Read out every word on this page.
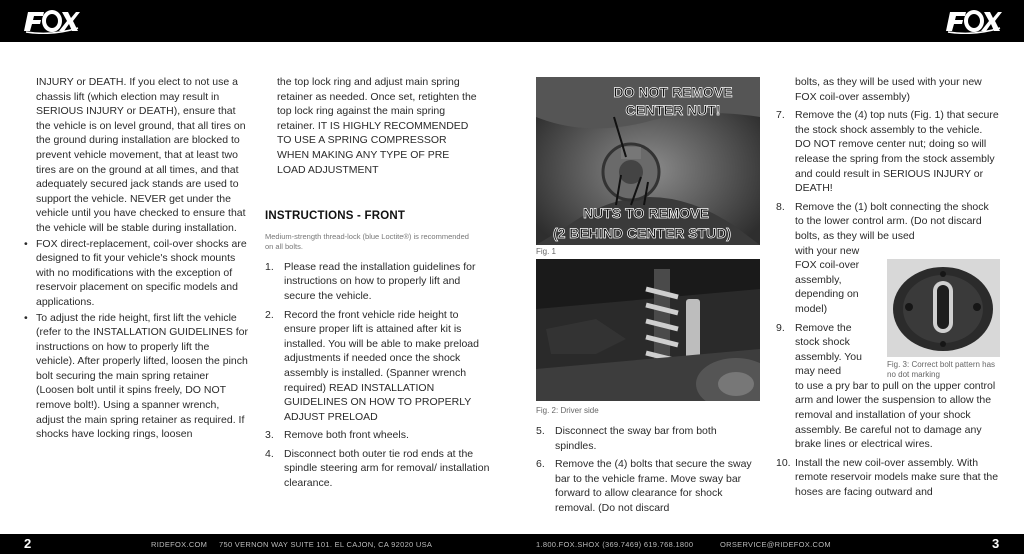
INJURY or DEATH. If you elect to not use a chassis lift (which election may result in SERIOUS INJURY or DEATH), ensure that the vehicle is on level ground, that all tires on the ground during installation are blocked to prevent vehicle movement, that at least two tires are on the ground at all times, and that adequately secured jack stands are used to support the vehicle. NEVER get under the vehicle until you have checked to ensure that the vehicle will be stable during installation.

• FOX direct-replacement, coil-over shocks are designed to fit your vehicle's shock mounts with no modifications with the exception of reservoir placement on specific models and applications.

• To adjust the ride height, first lift the vehicle (refer to the INSTALLATION GUIDELINES for instructions on how to properly lift the vehicle). After properly lifted, loosen the pinch bolt securing the main spring retainer (Loosen bolt until it spins freely, DO NOT remove bolt!). Using a spanner wrench, adjust the main spring retainer as required. If shocks have locking rings, loosen

the top lock ring and adjust main spring retainer as needed. Once set, retighten the top lock ring against the main spring retainer. IT IS HIGHLY RECOMMENDED TO USE A SPRING COMPRESSOR WHEN MAKING ANY TYPE OF PRE LOAD ADJUSTMENT

INSTRUCTIONS - FRONT

Medium-strength thread-lock (blue Loctite®) is recommended on all bolts.

1. Please read the installation guidelines for instructions on how to properly lift and secure the vehicle.

2. Record the front vehicle ride height to ensure proper lift is attained after kit is installed. You will be able to make preload adjustments if needed once the shock assembly is installed. (Spanner wrench required) READ INSTALLATION GUIDELINES ON HOW TO PROPERLY ADJUST PRELOAD

3. Remove both front wheels.

4. Disconnect both outer tie rod ends at the spindle steering arm for removal/ installation clearance.

DO NOT REMOVE
CENTER NUT!
NUTS TO REMOVE
(2 BEHIND CENTER STUD)
Fig. 1
Fig. 2: Driver side

5. Disconnect the sway bar from both spindles.

6. Remove the (4) bolts that secure the sway bar to the vehicle frame. Move sway bar forward to allow clearance for shock removal. (Do not discard

bolts, as they will be used with your new FOX coil-over assembly)

7. Remove the (4) top nuts (Fig. 1) that secure the stock shock assembly to the vehicle. DO NOT remove center nut; doing so will release the spring from the stock assembly and could result in SERIOUS INJURY or DEATH!

8. Remove the (1) bolt connecting the shock to the lower control arm. (Do not discard bolts, as they will be used

with your new FOX coil-over assembly, depending on model)

9. Remove the stock shock assembly. You may need

to use a pry bar to pull on the upper control arm and lower the suspension to allow the removal and installation of your shock assembly. Be careful not to damage any brake lines or electrical wires.

10. Install the new coil-over assembly. With remote reservoir models make sure that the hoses are facing outward and

Fig. 3: Correct bolt pattern has no dot marking
2	RIDEFOX.COM 750 VERNON WAY SUITE 101. EL CAJON, CA 92020 USA	1.800.FOX.SHOX (369.7469) 619.768.1800	ORSERVICE@RIDEFOX.COM	3
